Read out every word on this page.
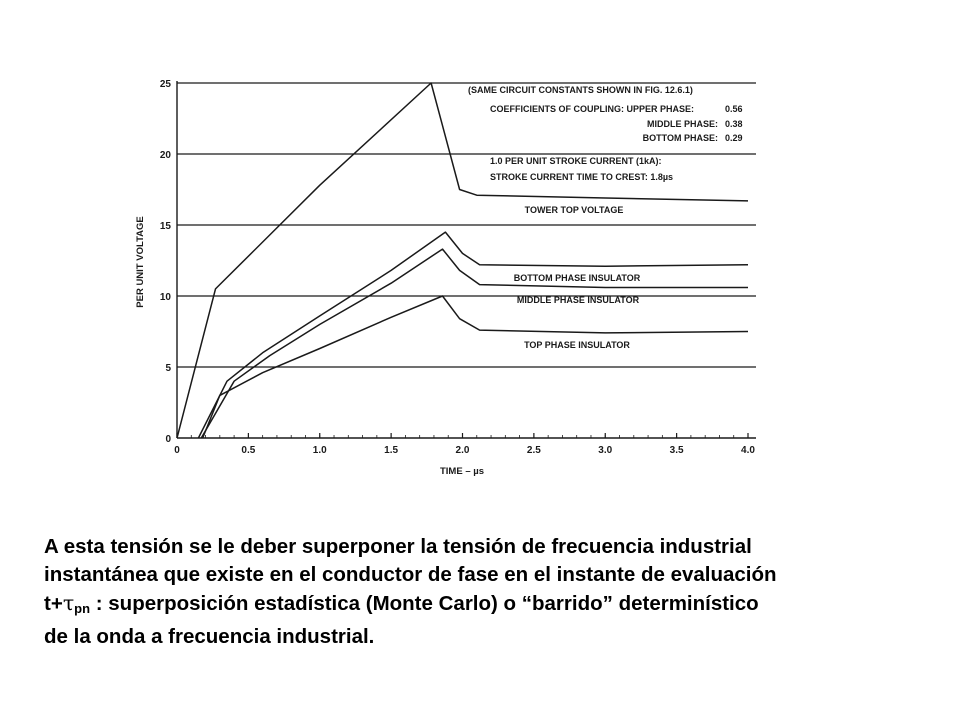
0
5
10
15
20
25
0	0.5	1.0	1.5	2.0	2.5	3.0	3.5	4.0
TOWER TOP VOLTAGE
BOTTOM PHASE INSULATOR
MIDDLE PHASE INSULATOR
TOP PHASE INSULATOR
TIME – µs
PER UNIT VOLTAGE
(SAME CIRCUIT CONSTANTS SHOWN IN FIG. 12.6.1)
COEFFICIENTS OF COUPLING: UPPER PHASE:	0.56
MIDDLE PHASE: 0.38
BOTTOM PHASE: 0.29
1.0 PER UNIT STROKE CURRENT (1kA):
STROKE CURRENT TIME TO CREST: 1.8µs
A esta tensión se le deber superponer la tensión de frecuencia industrial
instantánea que existe en el conductor de fase en el instante de evaluación
$t+\tau_{pn}$ : superposición estadística (Monte Carlo) o “barrido” determinístico
de la onda a frecuencia industrial.
